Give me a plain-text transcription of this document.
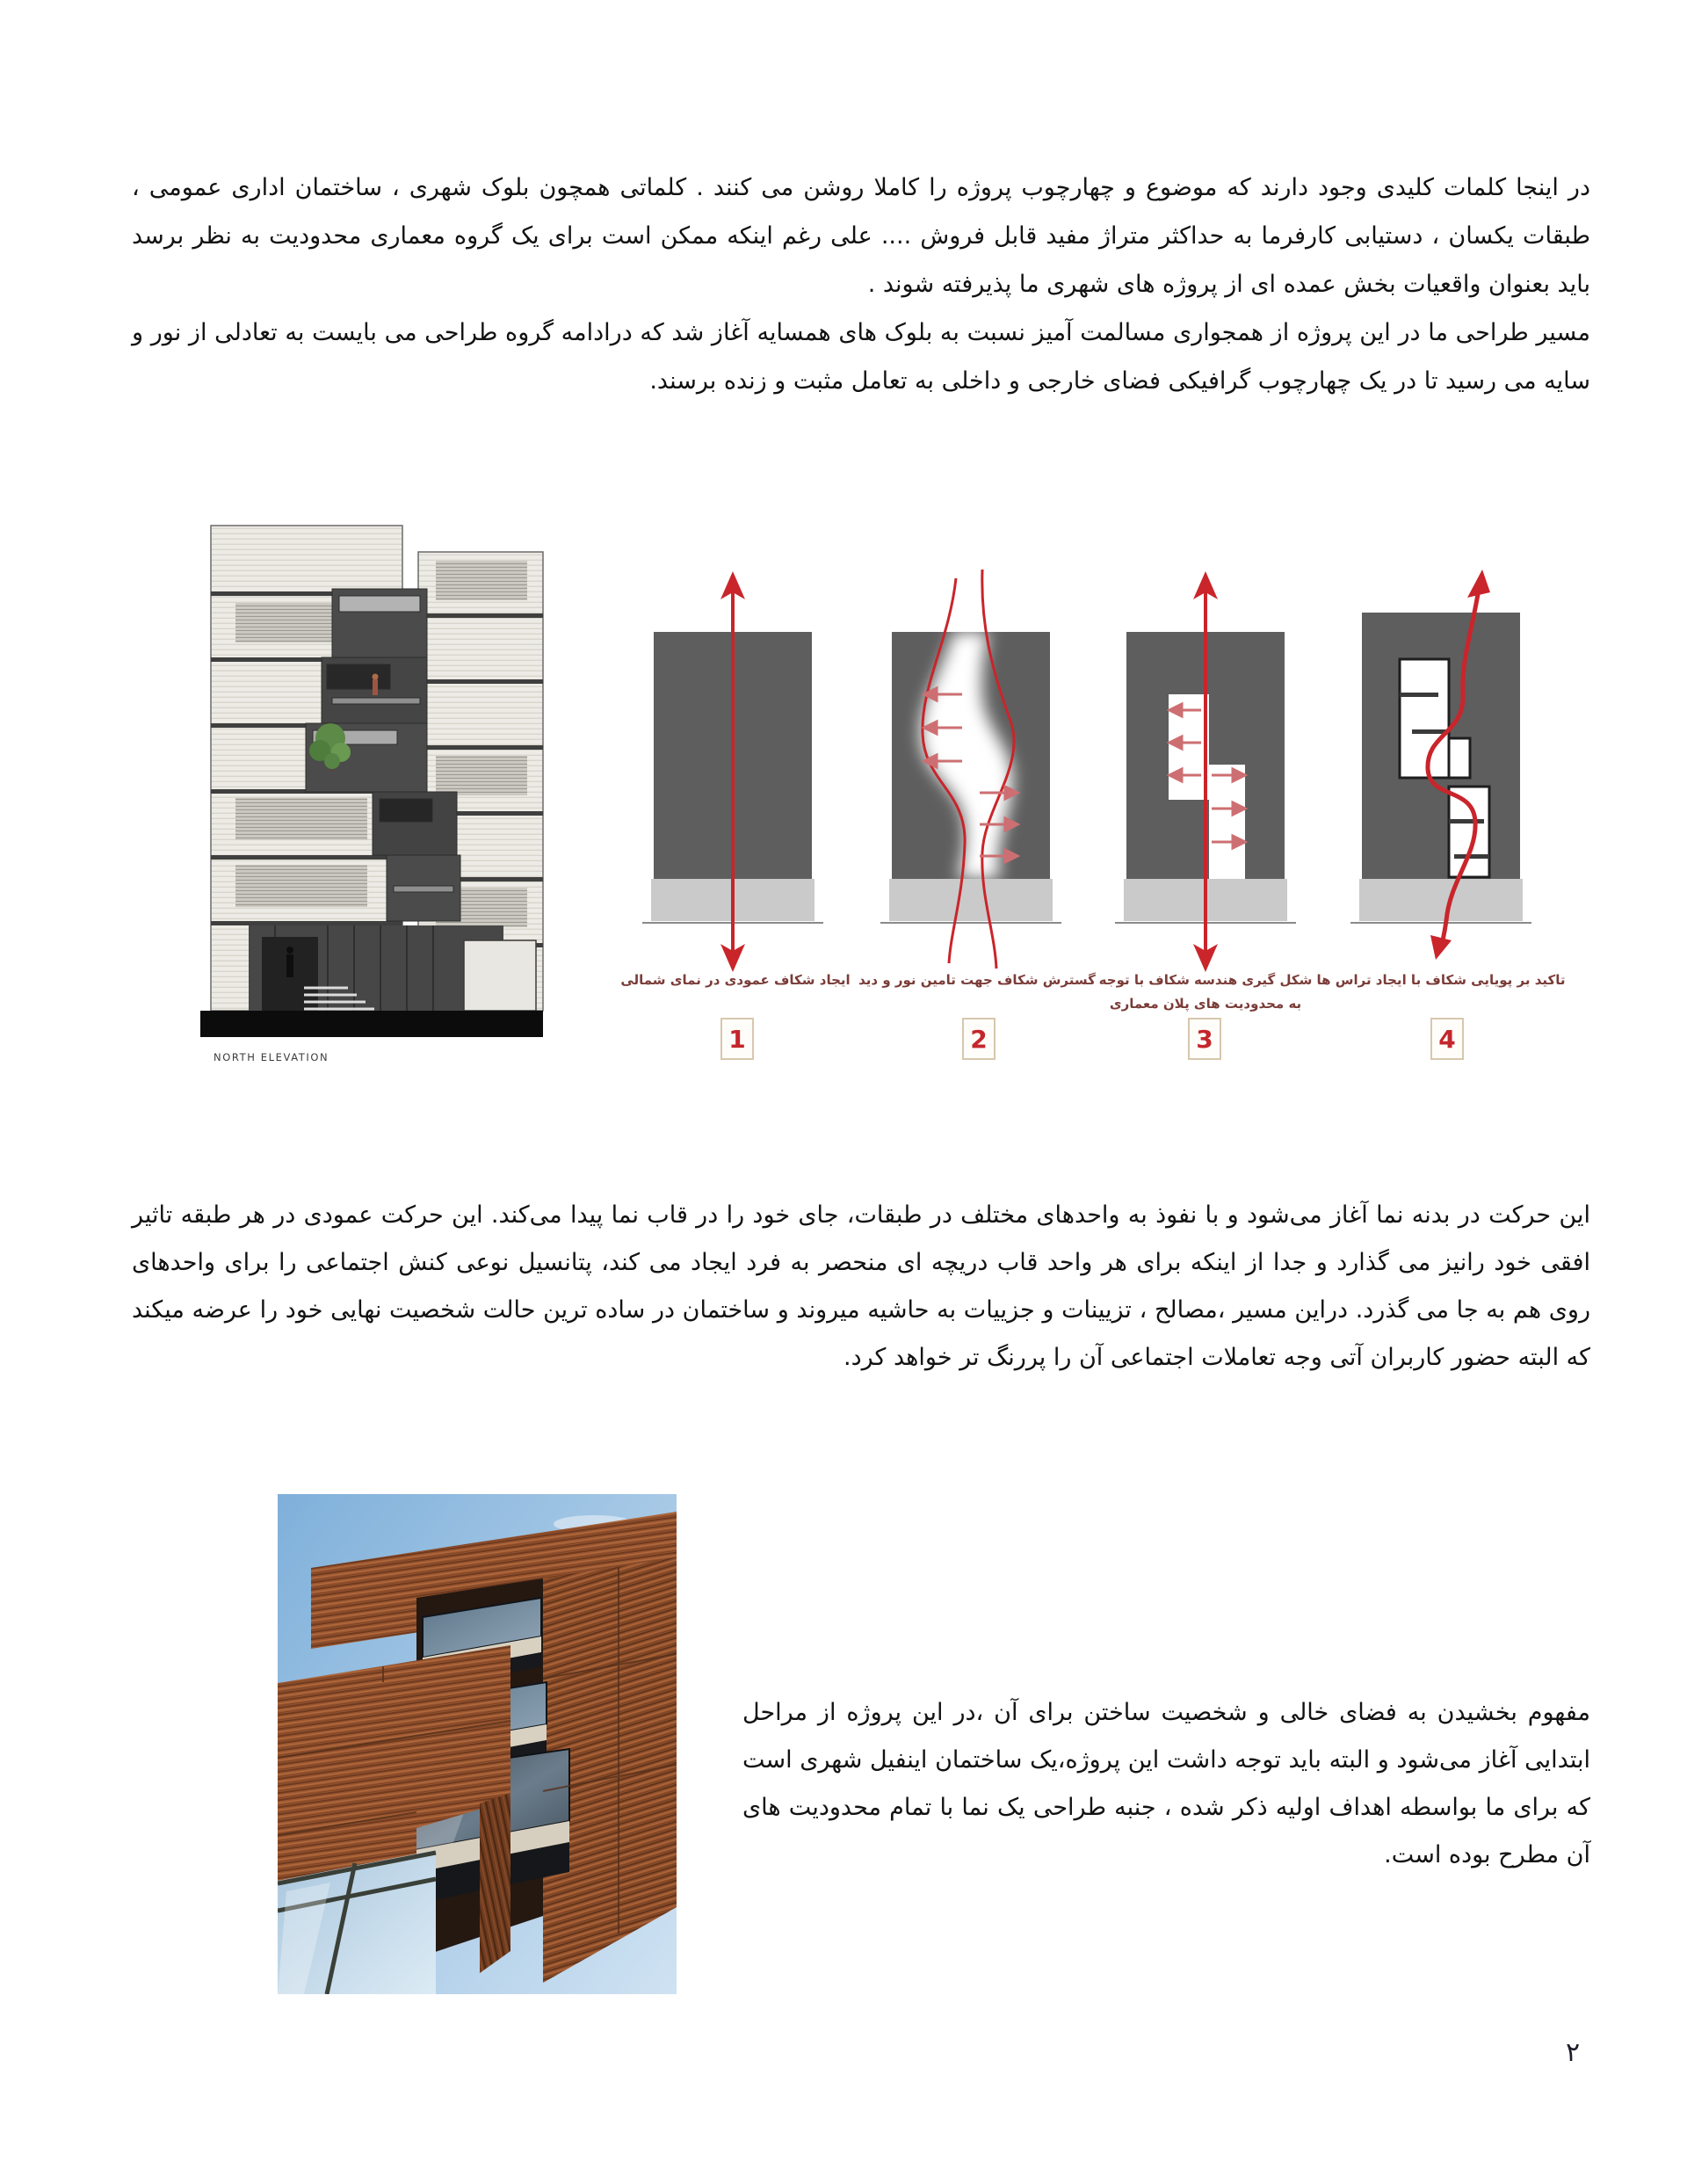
در اینجا کلمات کلیدی وجود دارند که موضوع و چهارچوب پروژه را کاملا روشن می کنند . کلماتی همچون بلوک شهری ، ساختمان اداری عمومی ، طبقات یکسان ، دستیابی کارفرما به حداکثر متراژ مفید قابل فروش .... علی رغم اینکه ممکن است برای یک گروه معماری محدودیت به نظر برسد باید بعنوان واقعیات بخش عمده ای از پروژه های شهری ما پذیرفته شوند .

مسیر طراحی ما در این پروژه از همجواری مسالمت آمیز نسبت به بلوک های همسایه آغاز شد که درادامه گروه طراحی می بایست به تعادلی از نور و سایه می رسید تا در یک چهارچوب گرافیکی فضای خارجی و داخلی به تعامل مثبت و زنده برسند.

NORTH ELEVATION
ایجاد شکاف عمودی در نمای شمالی گسترش شکاف جهت تامین نور و دید شکل گیری هندسه شکاف با توجه به محدودیت های پلان معماری
تاکید بر پویایی شکاف با ایجاد تراس ها
1	2	3	4
این حرکت در بدنه نما آغاز می‌شود و با نفوذ به واحدهای مختلف در طبقات، جای خود را در قاب نما پیدا می‌کند. این حرکت عمودی در هر طبقه تاثیر افقی خود رانیز می گذارد و جدا از اینکه برای هر واحد قاب دریچه ای منحصر به فرد ایجاد می کند، پتانسیل نوعی کنش اجتماعی را برای واحدهای روی هم به جا می گذرد. دراین مسیر ،مصالح ، تزیینات و جزییات به حاشیه میروند و ساختمان در ساده ترین حالت شخصیت نهایی خود را عرضه میکند که البته حضور کاربران آتی وجه تعاملات اجتماعی آن را پررنگ تر خواهد کرد.
مفهوم بخشیدن به فضای خالی و شخصیت ساختن برای آن ،در این پروژه از مراحل ابتدایی آغاز می‌شود و البته باید توجه داشت این پروژه،یک ساختمان اینفیل شهری است که برای ما بواسطه اهداف اولیه ذکر شده ، جنبه طراحی یک نما با تمام محدودیت های آن مطرح بوده است.
۲
